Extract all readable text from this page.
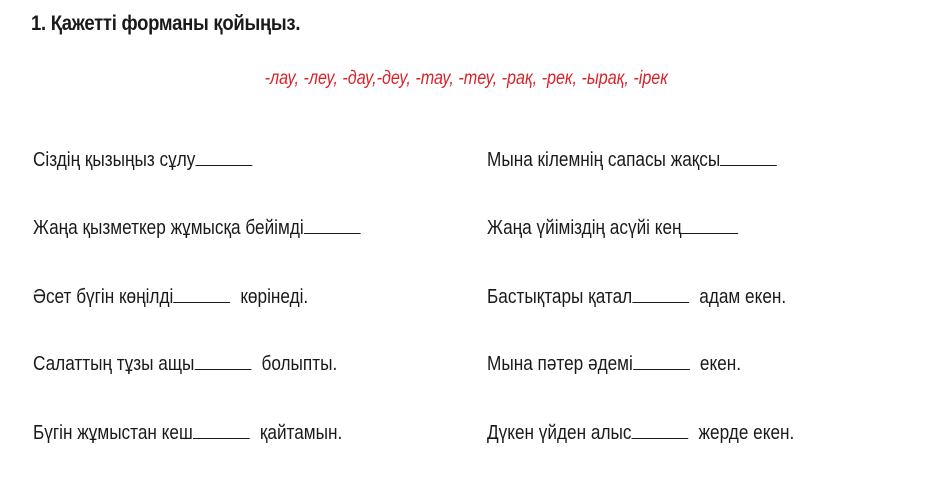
1. Қажетті форманы қойыңыз.
-лау, -леу, -дау,-деу, -тау, -теу, -рақ, -рек, -ырақ, -ірек
Сіздің қызыңыз сұлу
Жаңа қызметкер жұмысқа бейімді
Әсет бүгін көңілді	көрінеді.
Салаттың тұзы ащы	болыпты.
Бүгін жұмыстан кеш	қайтамын.
Мына кілемнің сапасы жақсы
Жаңа үйіміздің асүйі кең
Бастықтары қатал	адам екен.
Мына пәтер әдемі	екен.
Дүкен үйден алыс	жерде екен.
